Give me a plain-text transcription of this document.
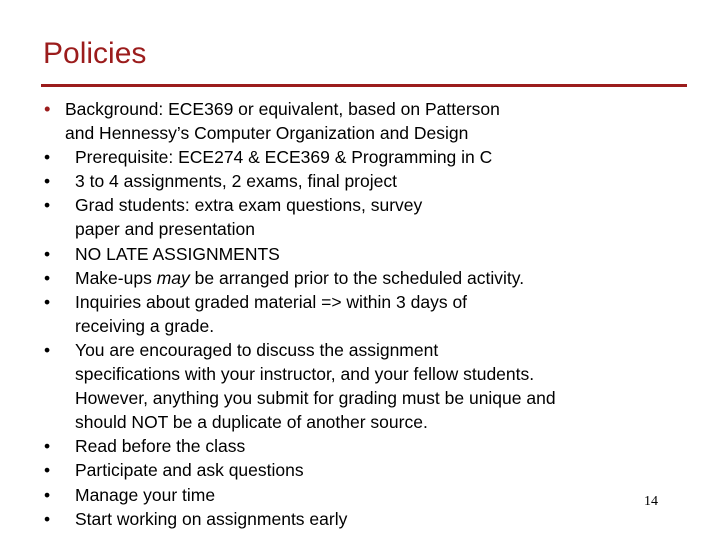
Policies
• Background: ECE369 or equivalent, based on Patterson
and Hennessy’s Computer Organization and Design
•	Prerequisite: ECE274 & ECE369 & Programming in C
•	3 to 4 assignments, 2 exams, final project
•	Grad students: extra exam questions, survey
paper and presentation
•	NO LATE ASSIGNMENTS
•	Make-ups may be arranged prior to the scheduled activity.
•	Inquiries about graded material => within 3 days of
receiving a grade.
•	You are encouraged to discuss the assignment
specifications with your instructor, and your fellow students.
However, anything you submit for grading must be unique and
should NOT be a duplicate of another source.
•	Read before the class
•	Participate and ask questions
•	Manage your time
•	Start working on assignments early
14
